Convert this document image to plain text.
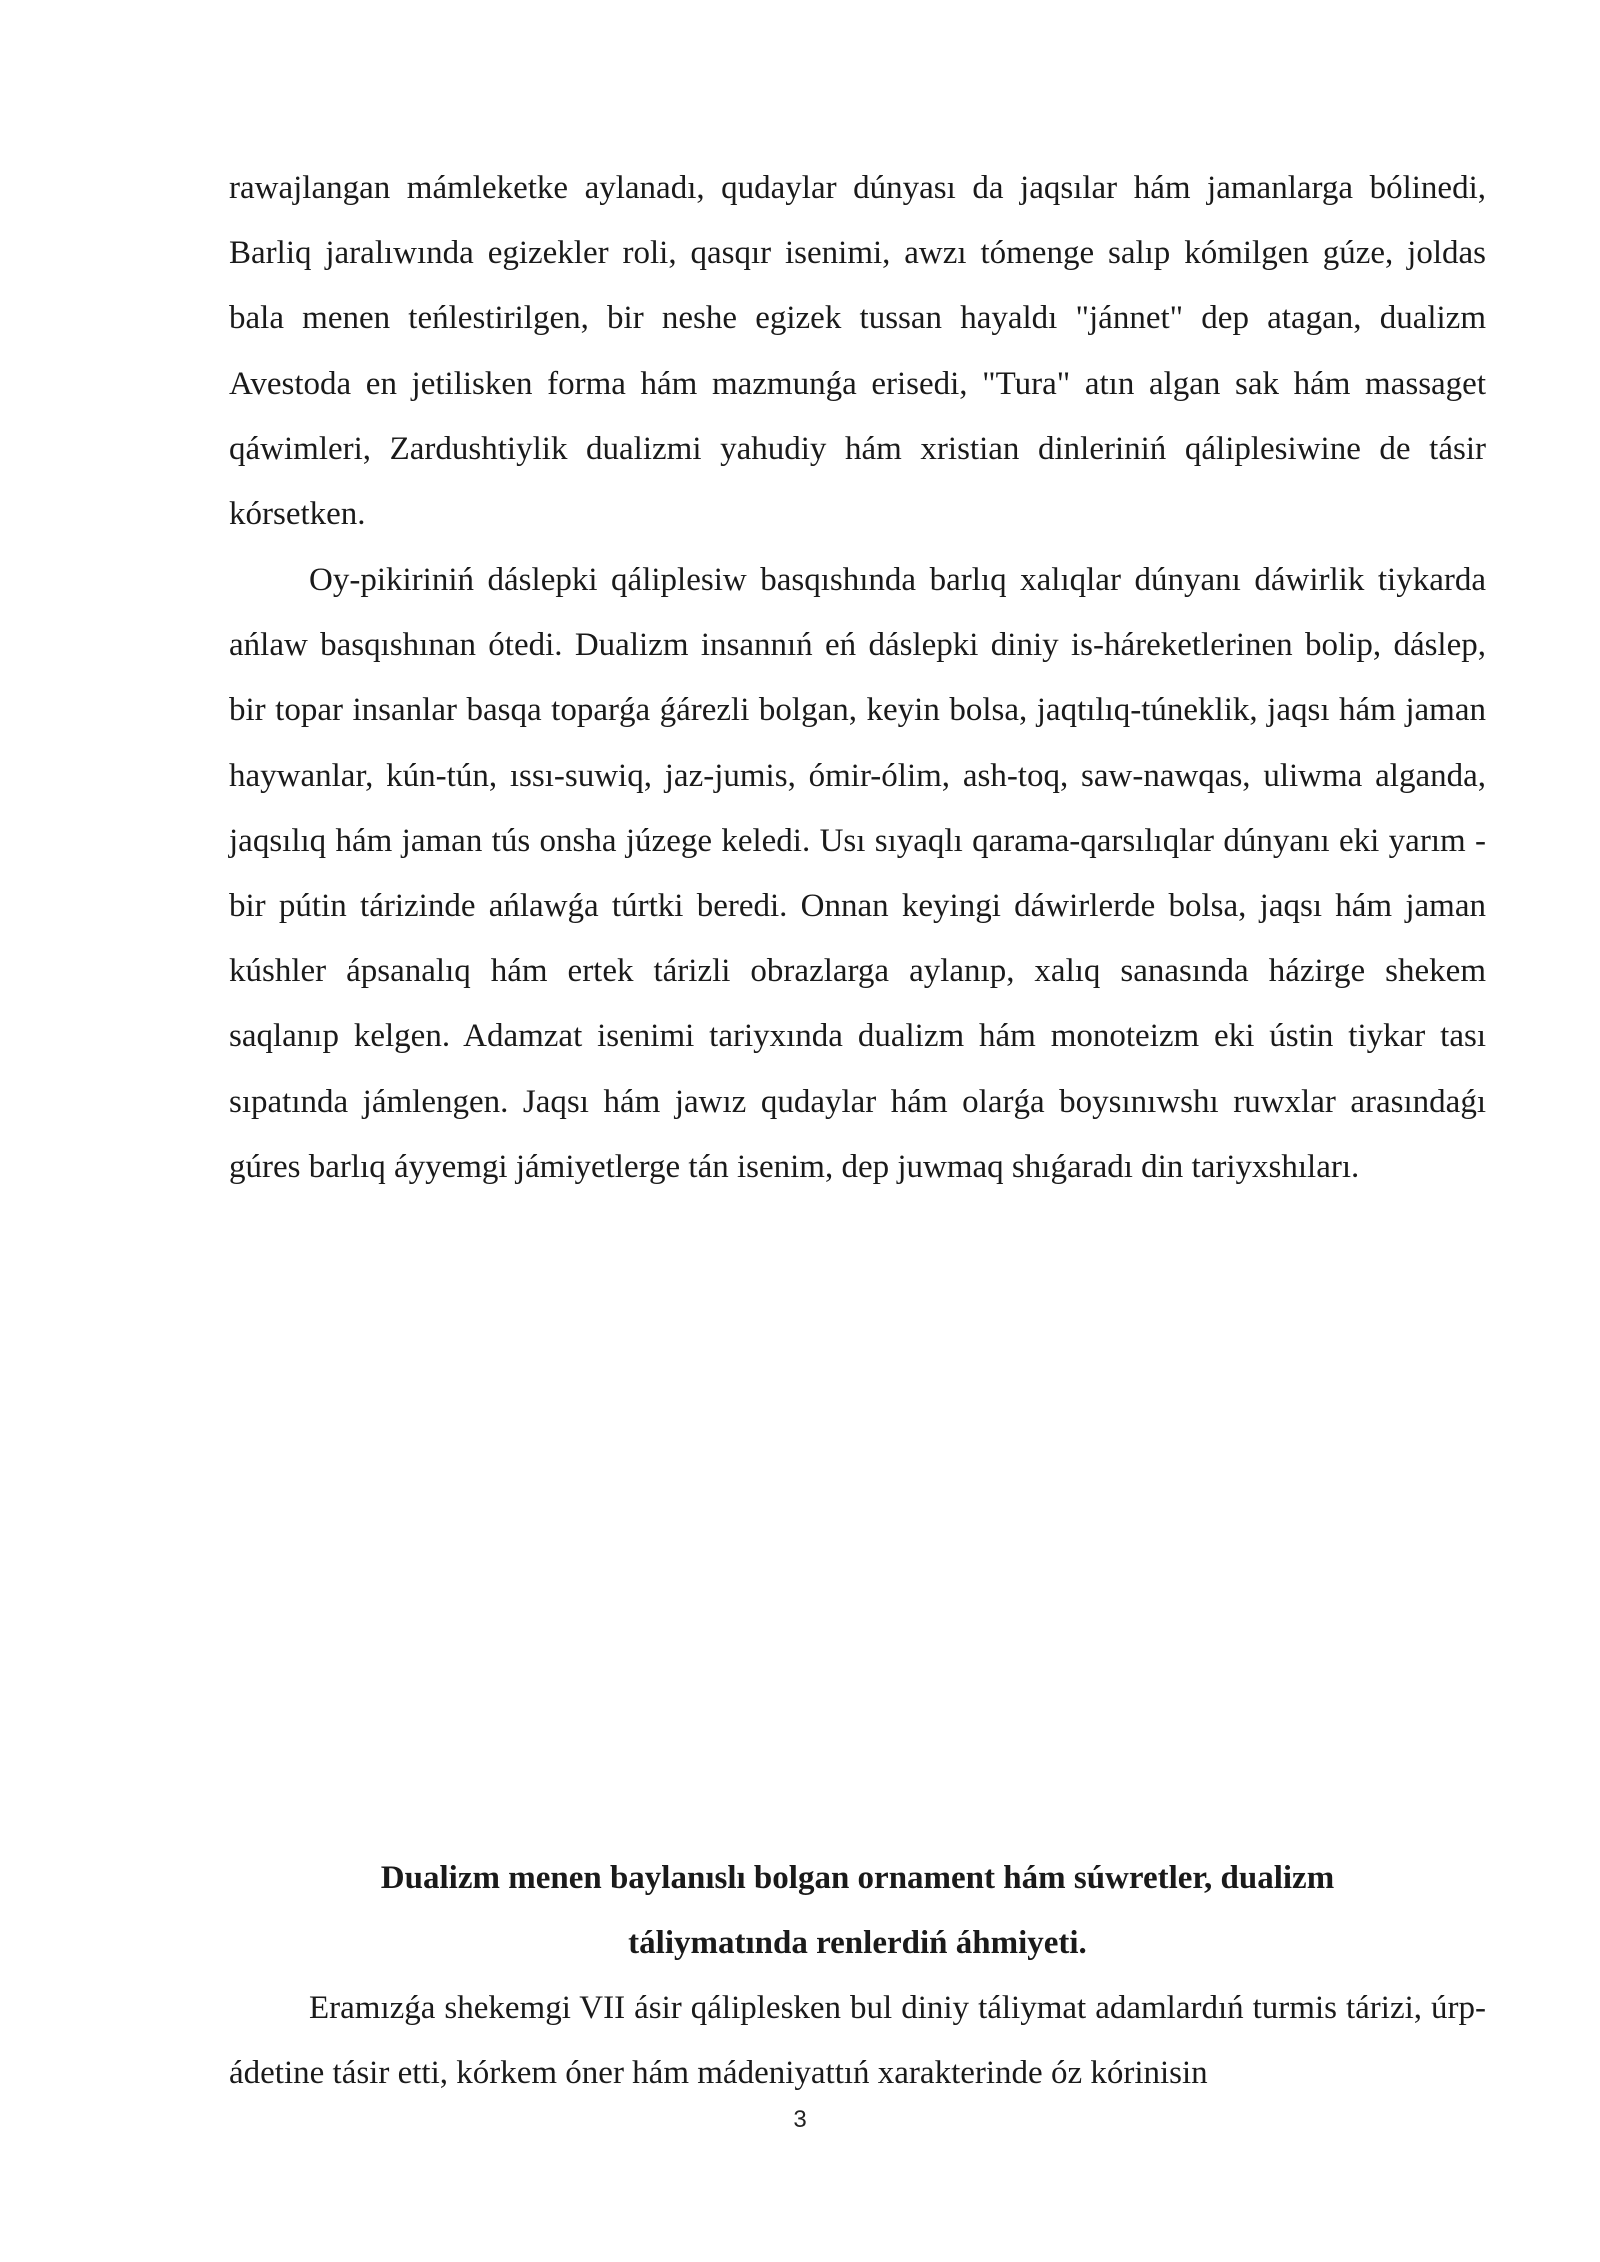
rawajlangan mámleketke aylanadı, qudaylar dúnyası da jaqsılar hám jamanlarga bólinedi, Barliq jaralıwında egizekler roli, qasqır isenimi, awzı tómenge salıp kómilgen gúze, joldas bala menen teńlestirilgen, bir neshe egizek tussan hayaldı "jánnet" dep atagan, dualizm Avestoda en jetilisken forma hám mazmunǵa erisedi, "Tura" atın algan sak hám massaget qáwimleri, Zardushtiylik dualizmi yahudiy hám xristian dinleriniń qáliplesiwine de tásir kórsetken.

Oy-pikiriniń dáslepki qáliplesiw basqıshında barlıq xalıqlar dúnyanı dáwirlik tiykarda ańlaw basqıshınan ótedi. Dualizm insannıń eń dáslepki diniy is-háreketlerinen bolip, dáslep, bir topar insanlar basqa toparǵa ǵárezli bolgan, keyin bolsa, jaqtılıq-túneklik, jaqsı hám jaman haywanlar, kún-tún, ıssı-suwiq, jaz-jumis, ómir-ólim, ash-toq, saw-nawqas, uliwma alganda, jaqsılıq hám jaman tús onsha júzege keledi. Usı sıyaqlı qarama-qarsılıqlar dúnyanı eki yarım - bir pútin tárizinde ańlawǵa túrtki beredi. Onnan keyingi dáwirlerde bolsa, jaqsı hám jaman kúshler ápsanalıq hám ertek tárizli obrazlarga aylanıp, xalıq sanasında házirge shekem saqlanıp kelgen. Adamzat isenimi tariyxında dualizm hám monoteizm eki ústin tiykar tası sıpatında jámlengen. Jaqsı hám jawız qudaylar hám olarǵa boysınıwshı ruwxlar arasındaǵı gúres barlıq áyyemgi jámiyetlerge tán isenim, dep juwmaq shıǵaradı din tariyxshıları.

Dualizm menen baylanıslı bolgan ornament hám súwretler, dualizm
táliymatında renlerdiń áhmiyeti.

Eramızǵa shekemgi VII ásir qáliplesken bul diniy táliymat adamlardıń turmis tárizi, úrp-ádetine tásir etti, kórkem óner hám mádeniyattıń xarakterinde óz kórinisin

3
